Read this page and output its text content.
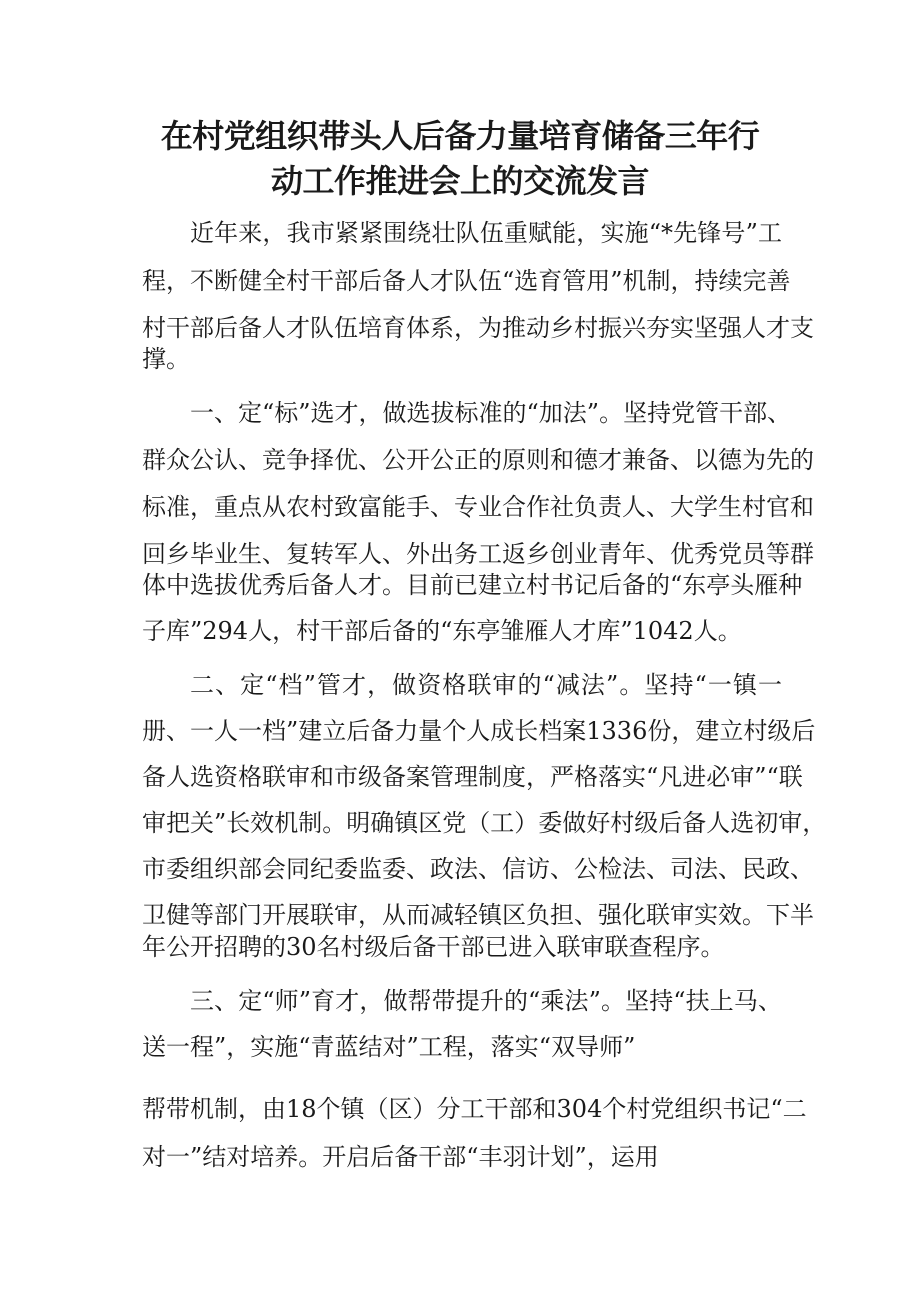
在村党组织带头人后备力量培育储备三年行
动工作推进会上的交流发言

近年来，我市紧紧围绕壮队伍重赋能，实施“*先锋号”工

程，不断健全村干部后备人才队伍“选育管用”机制，持续完善

村干部后备人才队伍培育体系，为推动乡村振兴夯实坚强人才支

撑。

一、定“标”选才，做选拔标准的“加法”。坚持党管干部、

群众公认、竞争择优、公开公正的原则和德才兼备、以德为先的

标准，重点从农村致富能手、专业合作社负责人、大学生村官和

回乡毕业生、复转军人、外出务工返乡创业青年、优秀党员等群

体中选拔优秀后备人才。目前已建立村书记后备的“东亭头雁种

子库”294人，村干部后备的“东亭雏雁人才库”1042人。

二、定“档”管才，做资格联审的“减法”。坚持“一镇一

册、一人一档”建立后备力量个人成长档案1336份，建立村级后

备人选资格联审和市级备案管理制度，严格落实“凡进必审”“联

审把关”长效机制。明确镇区党（工）委做好村级后备人选初审，

市委组织部会同纪委监委、政法、信访、公检法、司法、民政、

卫健等部门开展联审，从而减轻镇区负担、强化联审实效。下半

年公开招聘的30名村级后备干部已进入联审联查程序。

三、定“师”育才，做帮带提升的“乘法”。坚持“扶上马、

送一程”，实施“青蓝结对”工程，落实“双导师”

帮带机制，由18个镇（区）分工干部和304个村党组织书记“二

对一”结对培养。开启后备干部“丰羽计划”，运用
